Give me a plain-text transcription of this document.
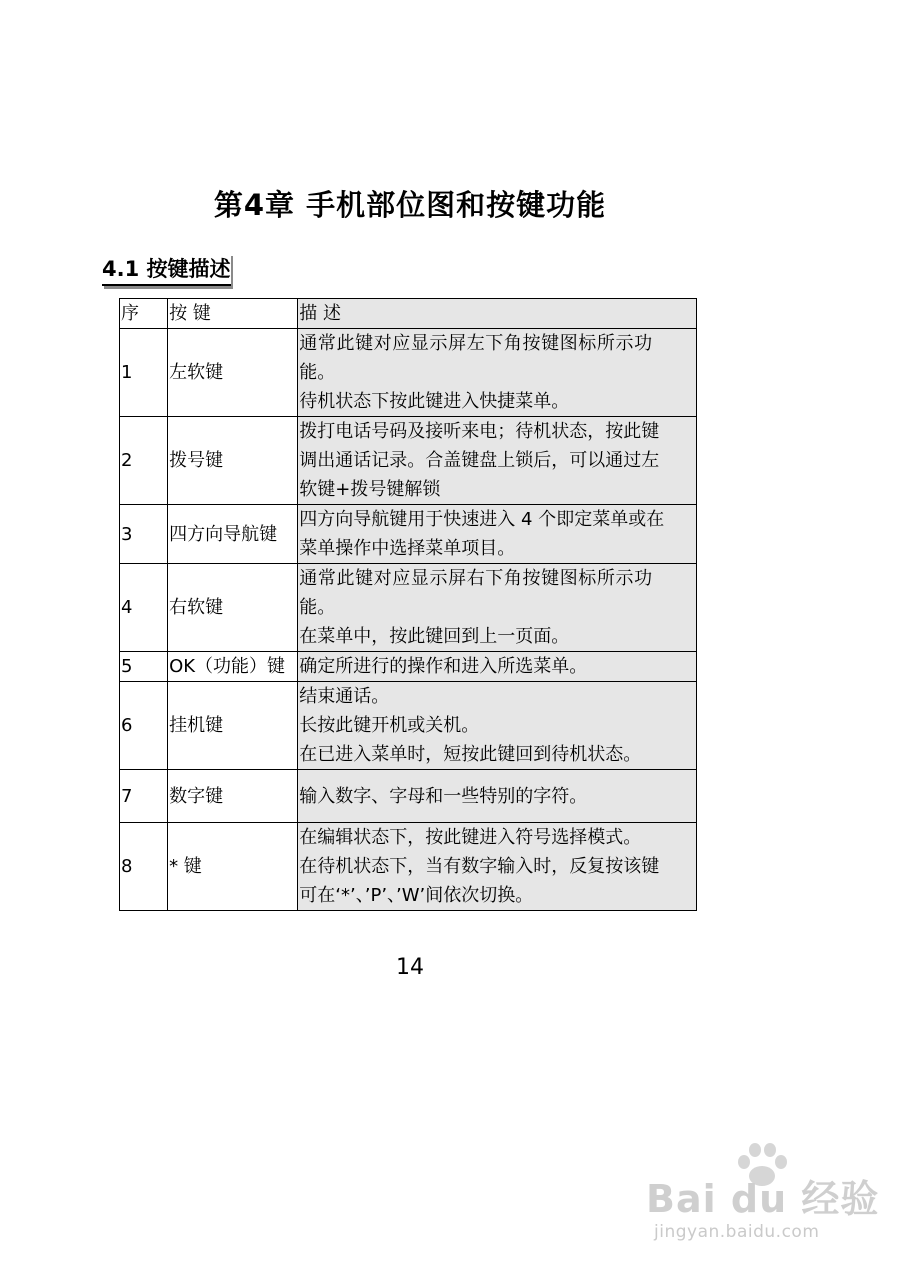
第4章 手机部位图和按键功能
4.1 按键描述
序	按 键	描 述
1	左软键	通常此键对应显示屏左下角按键图标所示功
能。
待机状态下按此键进入快捷菜单。

2	拨号键	拨打电话号码及接听来电；待机状态，按此键
调出通话记录。合盖键盘上锁后，可以通过左
软键+拨号键解锁

3	四方向导航键	四方向导航键用于快速进入 4 个即定菜单或在
菜单操作中选择菜单项目。

4	右软键	通常此键对应显示屏右下角按键图标所示功
能。
在菜单中，按此键回到上一页面。

5	OK（功能）键	确定所进行的操作和进入所选菜单。

6	挂机键	结束通话。
长按此键开机或关机。
在已进入菜单时，短按此键回到待机状态。

7	数字键	输入数字、字母和一些特别的字符。

8	* 键	在编辑状态下，按此键进入符号选择模式。
在待机状态下，当有数字输入时，反复按该键
可在‘*’、’P’、’W’间依次切换。
14
Bai du 经验
jingyan.baidu.com
